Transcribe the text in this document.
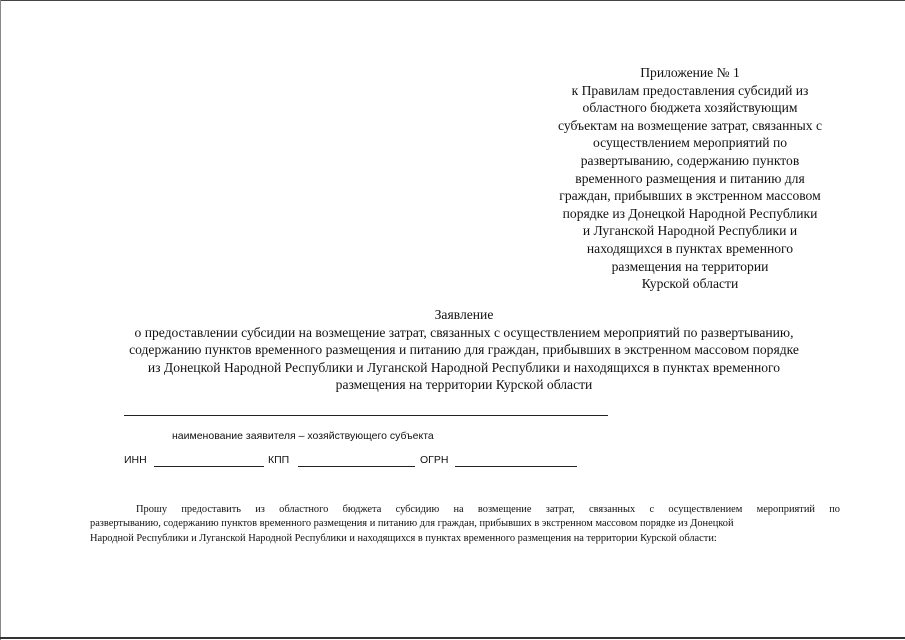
Приложение № 1
к Правилам предоставления субсидий из
областного бюджета хозяйствующим
субъектам на возмещение затрат, связанных с
осуществлением мероприятий по
развертыванию, содержанию пунктов
временного размещения и питанию для
граждан, прибывших в экстренном массовом
порядке из Донецкой Народной Республики
и Луганской Народной Республики и
находящихся в пунктах временного
размещения на территории
Курской области
Заявление
о предоставлении субсидии на возмещение затрат, связанных с осуществлением мероприятий по развертыванию,
содержанию пунктов временного размещения и питанию для граждан, прибывших в экстренном массовом порядке
из Донецкой Народной Республики и Луганской Народной Республики и находящихся в пунктах временного
размещения на территории Курской области
наименование заявителя – хозяйствующего субъекта
ИНН	КПП	ОГРН
Прошу предоставить из областного бюджета субсидию на возмещение затрат, связанных с осуществлением мероприятий по
развертыванию, содержанию пунктов временного размещения и питанию для граждан, прибывших в экстренном массовом порядке из Донецкой
Народной Республики и Луганской Народной Республики и находящихся в пунктах временного размещения на территории Курской области:
